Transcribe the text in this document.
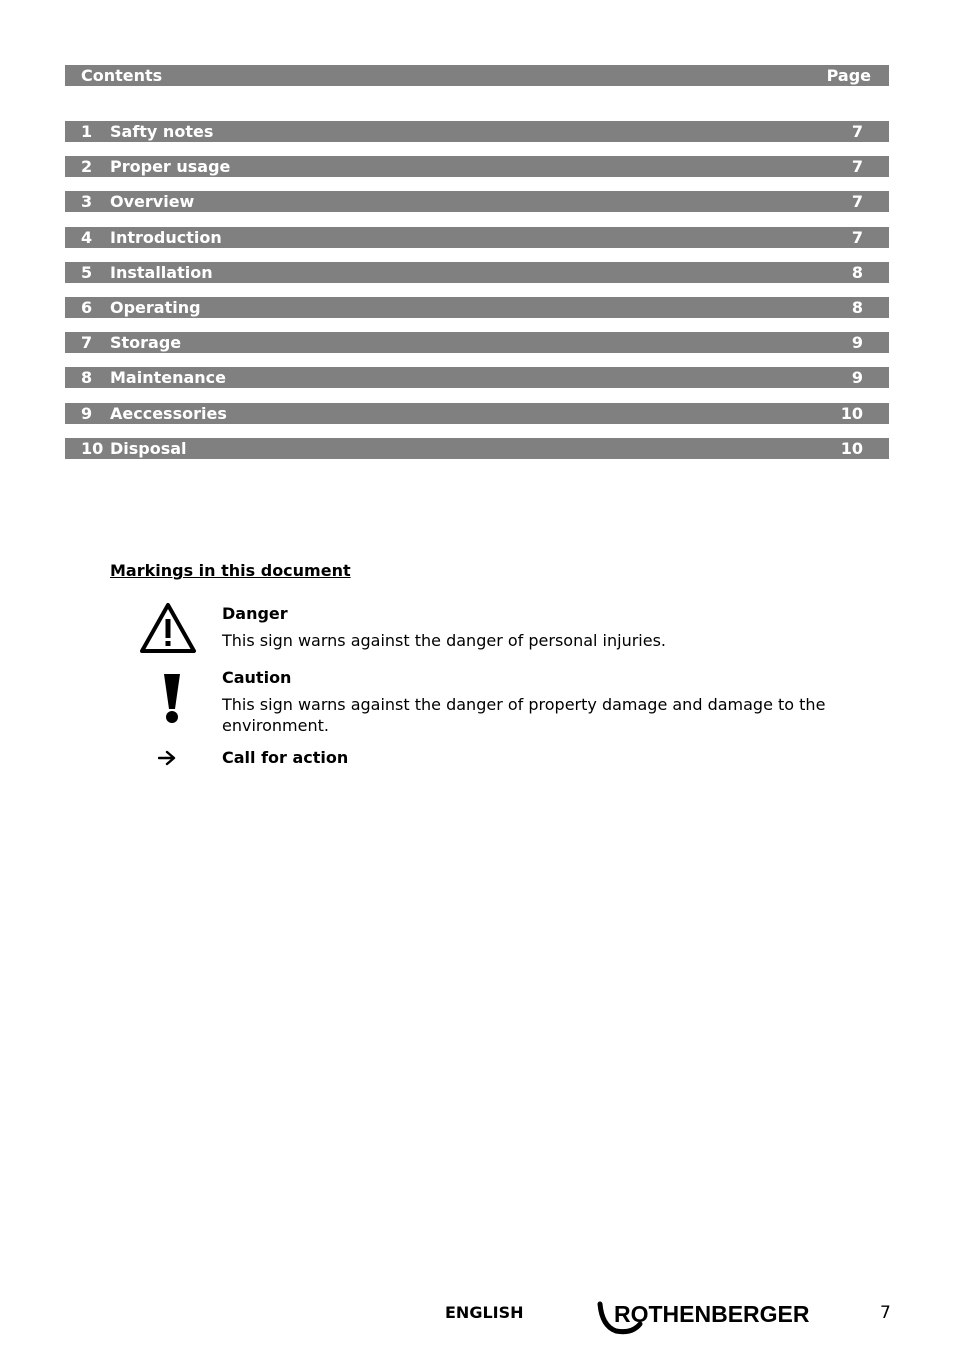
Contents	Page
1 Safty notes	7
2 Proper usage	7
3 Overview	7
4 Introduction	7
5 Installation	8
6 Operating	8
7 Storage	9
8 Maintenance	9
9 Aeccessories	10
10 Disposal	10
Markings in this document
Danger
This sign warns against the danger of personal injuries.
Caution
This sign warns against the danger of property damage and damage to the environment.
Call for action
ENGLISH	ROTHENBERGER	7
